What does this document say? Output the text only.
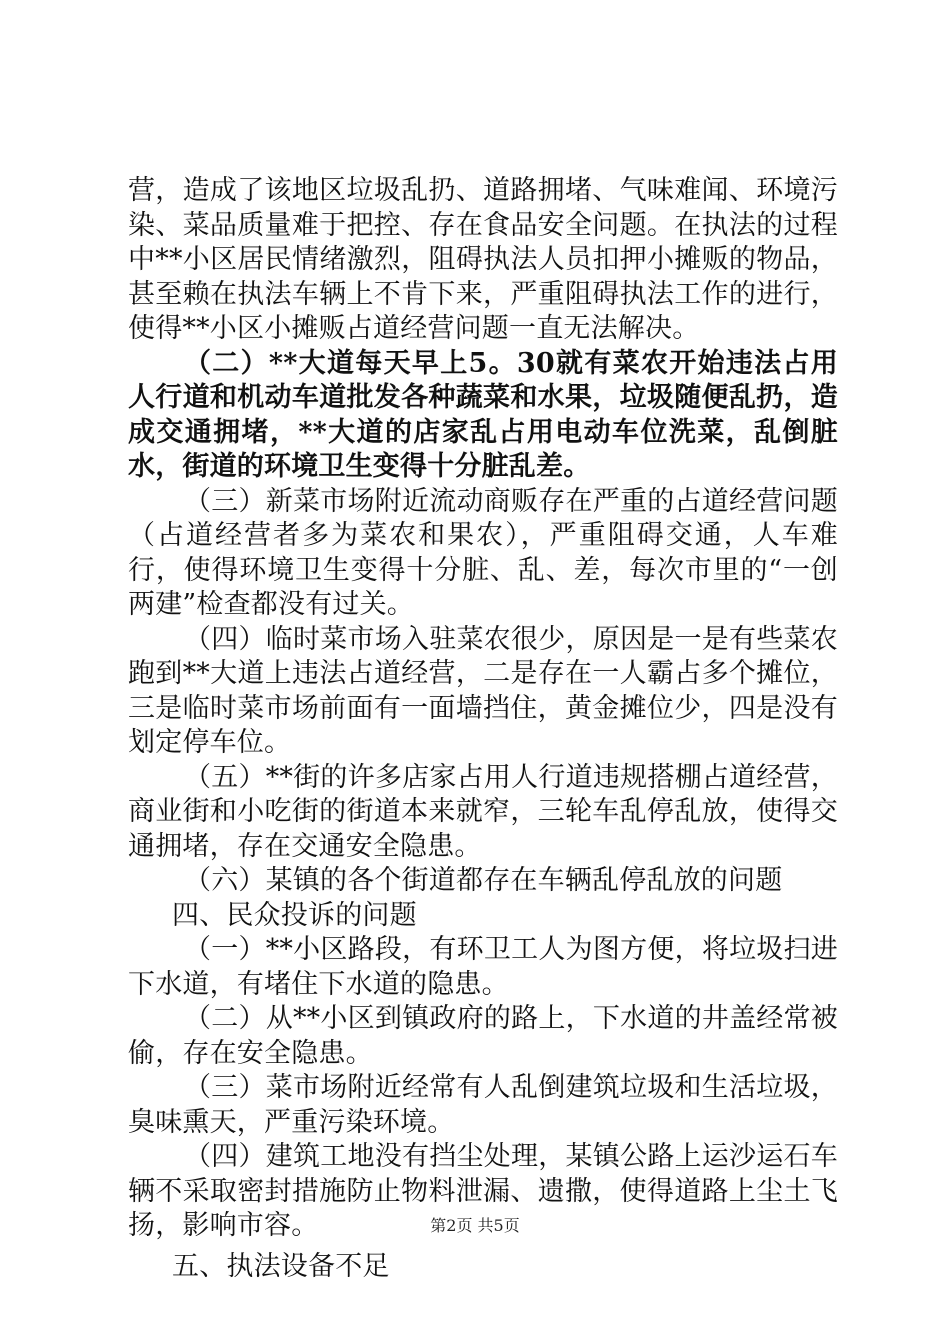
营，造成了该地区垃圾乱扔、道路拥堵、气味难闻、环境污染、菜品质量难于把控、存在食品安全问题。在执法的过程中**小区居民情绪激烈，阻碍执法人员扣押小摊贩的物品，甚至赖在执法车辆上不肯下来，严重阻碍执法工作的进行，使得**小区小摊贩占道经营问题一直无法解决。

（二）**大道每天早上5。30就有菜农开始违法占用人行道和机动车道批发各种蔬菜和水果，垃圾随便乱扔，造成交通拥堵，**大道的店家乱占用电动车位洗菜，乱倒脏水，街道的环境卫生变得十分脏乱差。

（三）新菜市场附近流动商贩存在严重的占道经营问题（占道经营者多为菜农和果农），严重阻碍交通，人车难行，使得环境卫生变得十分脏、乱、差，每次市里的“一创两建”检查都没有过关。

（四）临时菜市场入驻菜农很少，原因是一是有些菜农跑到**大道上违法占道经营，二是存在一人霸占多个摊位，三是临时菜市场前面有一面墙挡住，黄金摊位少，四是没有划定停车位。

（五）**街的许多店家占用人行道违规搭棚占道经营，商业街和小吃街的街道本来就窄，三轮车乱停乱放，使得交通拥堵，存在交通安全隐患。

（六）某镇的各个街道都存在车辆乱停乱放的问题

四、民众投诉的问题

（一）**小区路段，有环卫工人为图方便，将垃圾扫进下水道，有堵住下水道的隐患。

（二）从**小区到镇政府的路上，下水道的井盖经常被偷，存在安全隐患。

（三）菜市场附近经常有人乱倒建筑垃圾和生活垃圾，臭味熏天，严重污染环境。

（四）建筑工地没有挡尘处理，某镇公路上运沙运石车辆不采取密封措施防止物料泄漏、遗撒，使得道路上尘土飞扬，影响市容。

五、执法设备不足

第2页 共5页
